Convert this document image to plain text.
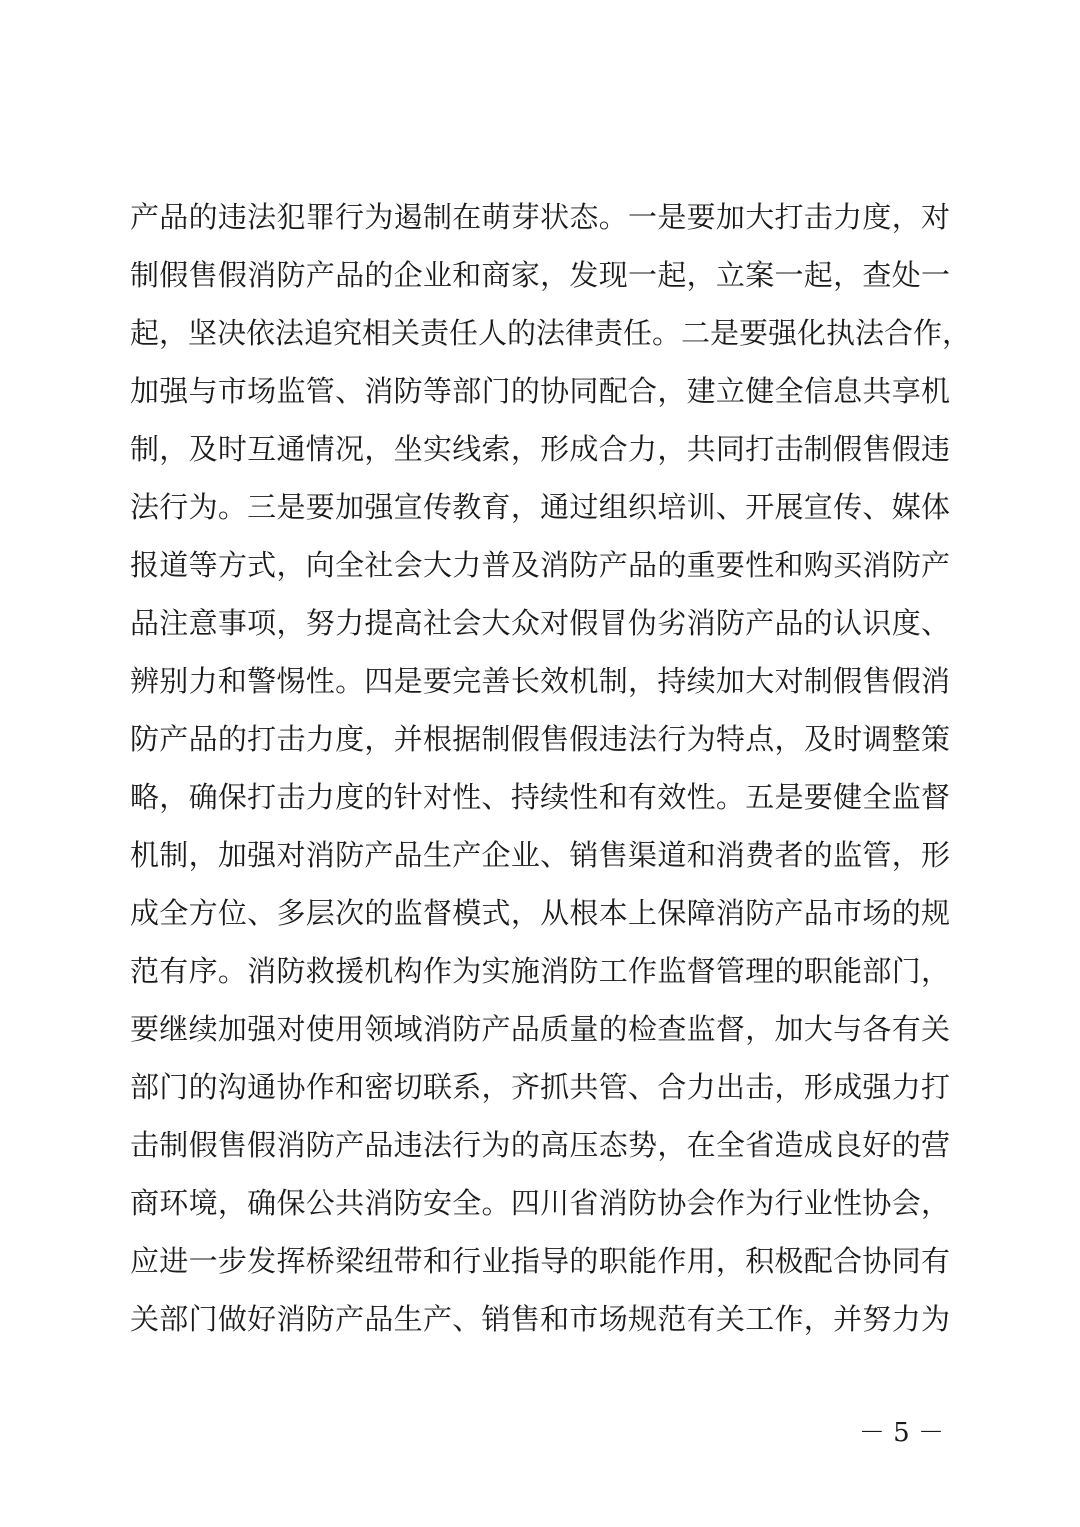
产品的违法犯罪行为遏制在萌芽状态。一是要加大打击力度，对
制假售假消防产品的企业和商家，发现一起，立案一起，查处一
起，坚决依法追究相关责任人的法律责任。二是要强化执法合作，
加强与市场监管、消防等部门的协同配合，建立健全信息共享机
制，及时互通情况，坐实线索，形成合力，共同打击制假售假违
法行为。三是要加强宣传教育，通过组织培训、开展宣传、媒体
报道等方式，向全社会大力普及消防产品的重要性和购买消防产
品注意事项，努力提高社会大众对假冒伪劣消防产品的认识度、
辨别力和警惕性。四是要完善长效机制，持续加大对制假售假消
防产品的打击力度，并根据制假售假违法行为特点，及时调整策
略，确保打击力度的针对性、持续性和有效性。五是要健全监督
机制，加强对消防产品生产企业、销售渠道和消费者的监管，形
成全方位、多层次的监督模式，从根本上保障消防产品市场的规
范有序。消防救援机构作为实施消防工作监督管理的职能部门，
要继续加强对使用领域消防产品质量的检查监督，加大与各有关
部门的沟通协作和密切联系，齐抓共管、合力出击，形成强力打
击制假售假消防产品违法行为的高压态势，在全省造成良好的营
商环境，确保公共消防安全。四川省消防协会作为行业性协会，
应进一步发挥桥梁纽带和行业指导的职能作用，积极配合协同有
关部门做好消防产品生产、销售和市场规范有关工作，并努力为
－ 5 －
